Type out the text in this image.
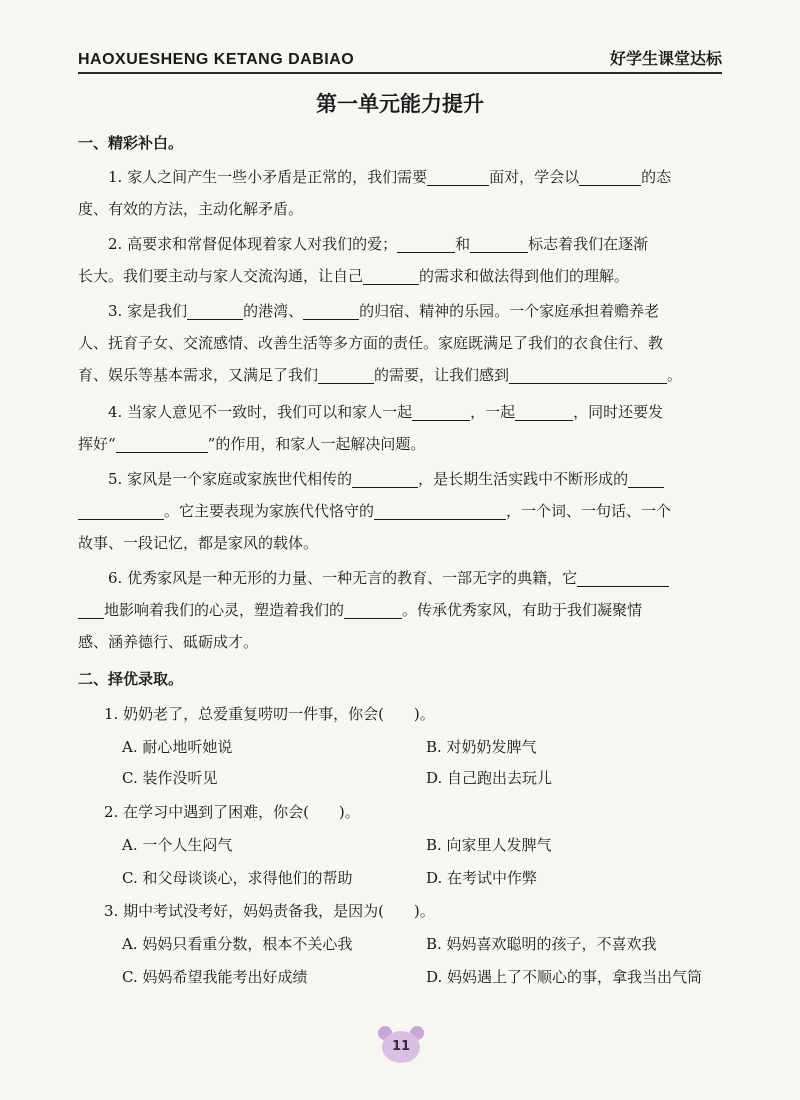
HAOXUESHENG KETANG DABIAO	好学生课堂达标
第一单元能力提升
一、精彩补白。
1. 家人之间产生一些小矛盾是正常的，我们需要	面对，学会以	的态
度、有效的方法，主动化解矛盾。
2. 高要求和常督促体现着家人对我们的爱；	和	标志着我们在逐渐
长大。我们要主动与家人交流沟通，让自己	的需求和做法得到他们的理解。
3. 家是我们	的港湾、	的归宿、精神的乐园。一个家庭承担着赡养老
人、抚育子女、交流感情、改善生活等多方面的责任。家庭既满足了我们的衣食住行、教
育、娱乐等基本需求，又满足了我们	的需要，让我们感到	。
4. 当家人意见不一致时，我们可以和家人一起	，一起	，同时还要发
挥好“	”的作用，和家人一起解决问题。
5. 家风是一个家庭或家族世代相传的	，是长期生活实践中不断形成的
。它主要表现为家族代代恪守的	，一个词、一句话、一个
故事、一段记忆，都是家风的载体。
6. 优秀家风是一种无形的力量、一种无言的教育、一部无字的典籍，它
地影响着我们的心灵，塑造着我们的	。传承优秀家风，有助于我们凝聚情
感、涵养德行、砥砺成才。
二、择优录取。
1. 奶奶老了，总爱重复唠叨一件事，你会(　　)。
A. 耐心地听她说	B. 对奶奶发脾气
C. 装作没听见	D. 自己跑出去玩儿
2. 在学习中遇到了困难，你会(　　)。
A. 一个人生闷气	B. 向家里人发脾气
C. 和父母谈谈心，求得他们的帮助	D. 在考试中作弊
3. 期中考试没考好，妈妈责备我，是因为(　　)。
A. 妈妈只看重分数，根本不关心我	B. 妈妈喜欢聪明的孩子，不喜欢我
C. 妈妈希望我能考出好成绩	D. 妈妈遇上了不顺心的事，拿我当出气筒
11
